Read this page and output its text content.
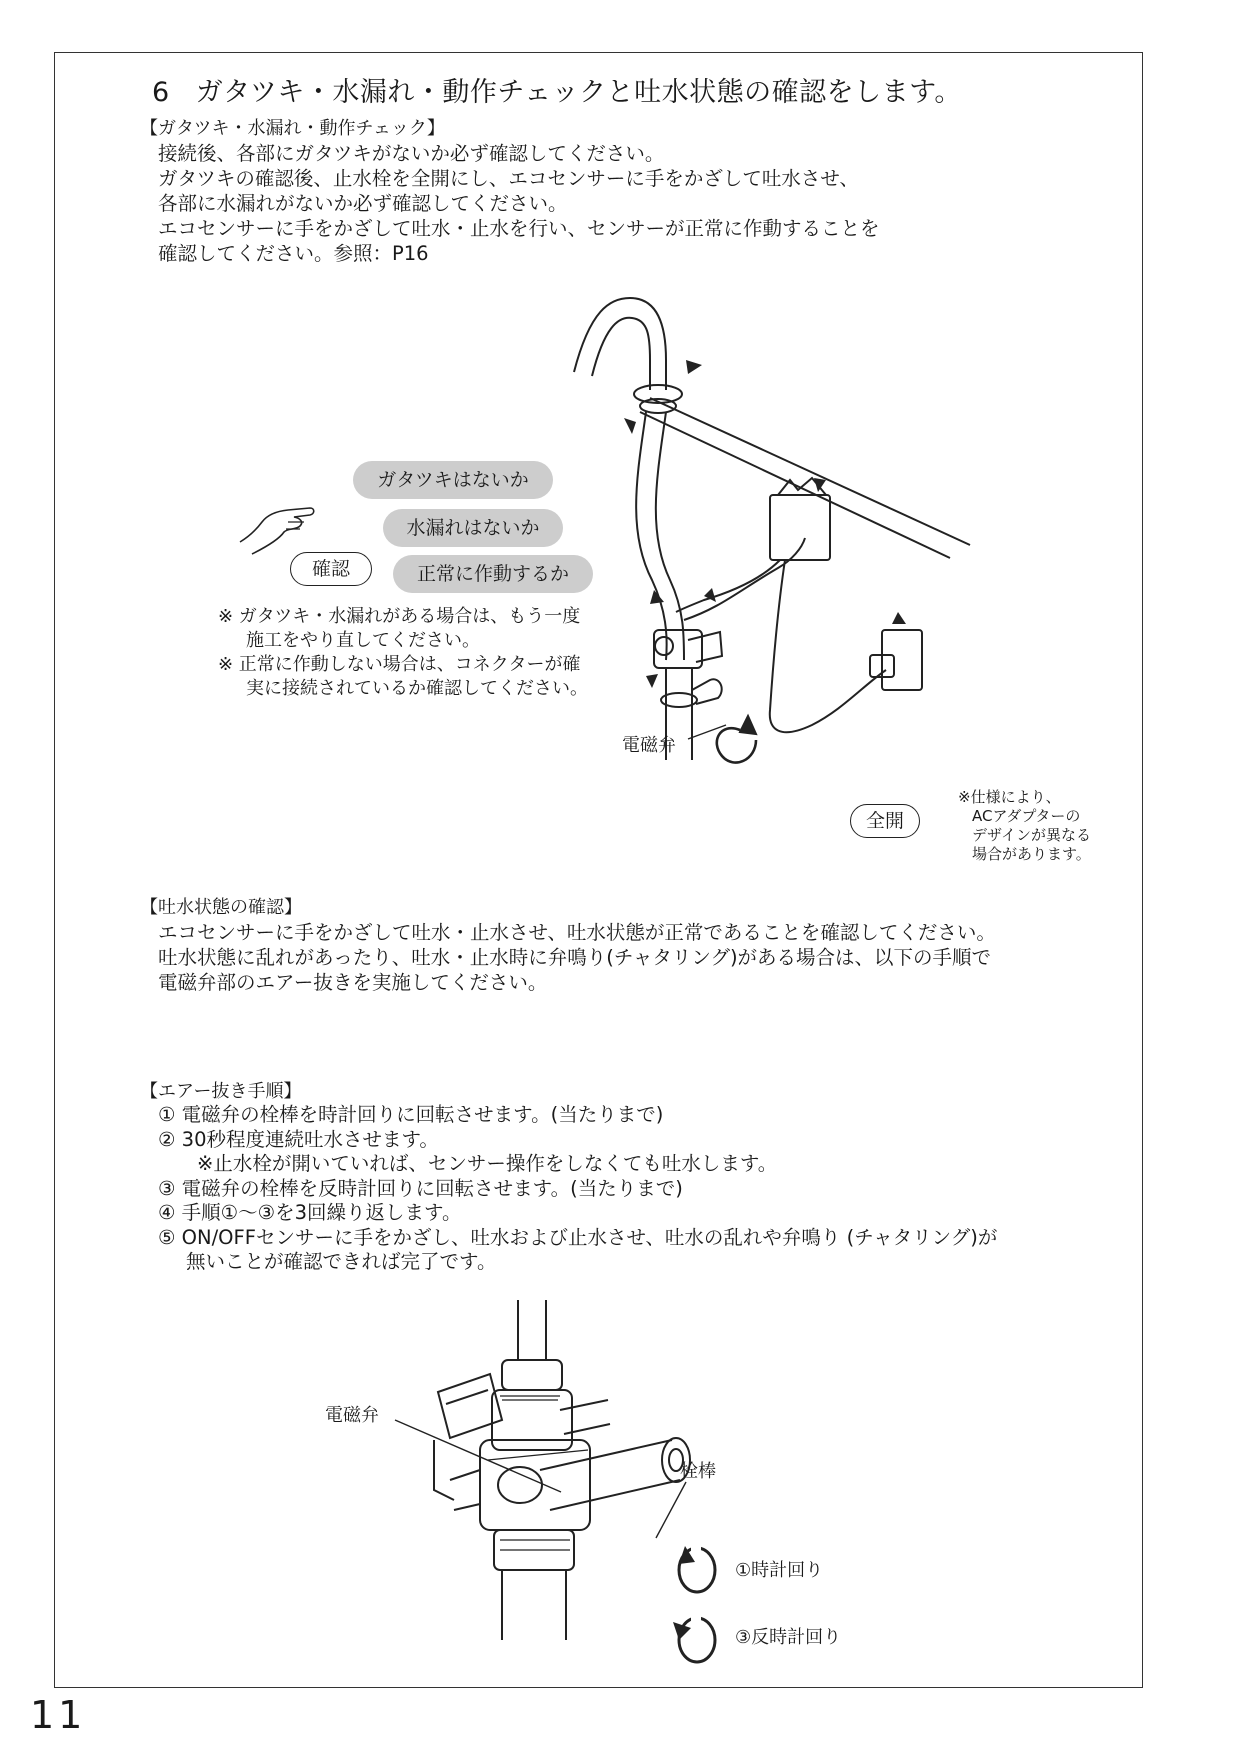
6 ガタツキ・水漏れ・動作チェックと吐水状態の確認をします。
【ガタツキ・水漏れ・動作チェック】
接続後、各部にガタツキがないか必ず確認してください。
ガタツキの確認後、止水栓を全開にし、エコセンサーに手をかざして吐水させ、
各部に水漏れがないか必ず確認してください。
エコセンサーに手をかざして吐水・止水を行い、センサーが正常に作動することを
確認してください。参照：P16
ガタツキはないか
水漏れはないか
正常に作動するか
確認
※ ガタツキ・水漏れがある場合は、もう一度
施工をやり直してください。
※ 正常に作動しない場合は、コネクターが確
実に接続されているか確認してください。
電磁弁
全開
※仕様により、
ACアダプターの
デザインが異なる
場合があります。
【吐水状態の確認】
エコセンサーに手をかざして吐水・止水させ、吐水状態が正常であることを確認してください。
吐水状態に乱れがあったり、吐水・止水時に弁鳴り(チャタリング)がある場合は、以下の手順で
電磁弁部のエアー抜きを実施してください。
【エアー抜き手順】
① 電磁弁の栓棒を時計回りに回転させます。(当たりまで)
② 30秒程度連続吐水させます。
※止水栓が開いていれば、センサー操作をしなくても吐水します。
③ 電磁弁の栓棒を反時計回りに回転させます。(当たりまで)
④ 手順①～③を3回繰り返します。
⑤ ON/OFFセンサーに手をかざし、吐水および止水させ、吐水の乱れや弁鳴り (チャタリング)が
無いことが確認できれば完了です。
電磁弁
栓棒
①時計回り
③反時計回り
11
